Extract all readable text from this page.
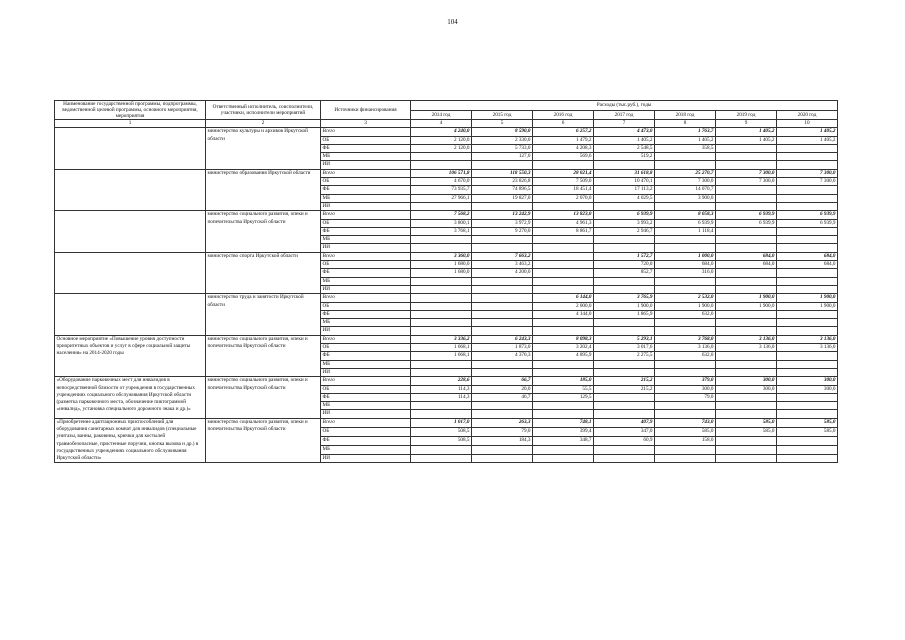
104
Наименование государственной программы, подпрограммы, ведомственной целевой программы, основного мероприятия, мероприятия	Ответственный исполнитель, соисполнители, участники, исполнители мероприятий	Источники финансирования	Расходы (тыс.руб.), годы						
			2014 год	2015 год	2016 год	2017 год	2018 год	2019 год	2020 год
1	2	3	4	5	6	7	8	9	10
	министерство культуры и архивов Иркутской области	Всего	4 240,0	8 590,0	6 257,2	4 473,0	1 763,7	1 405,2	1 405,2
		ОБ	2 120,0	2 330,0	1 479,2	1 405,2	1 405,2	1 405,2	1 405,2
		ФБ	2 120,0	5 733,0	4 208,3	2 548,5	358,5		
		МБ		127,0	569,6	519,2			
		ИИ							
	министерство образования Иркутской области	Всего	106 571,8	118 550,3	28 021,4	31 618,8	25 270,7	7 300,0	7 300,0
		ОБ	4 670,0	23 826,8	7 509,0	10 470,1	7 300,0	7 300,0	7 300,0
		ФБ	73 935,7	74 896,5	18 451,4	17 113,2	14 070,7		
		МБ	27 966,1	19 827,0	2 070,0	4 029,5	3 900,0		
		ИИ							
	министерство социального развития, опеки и попечительства Иркутской области	Всего	7 568,2	13 242,9	13 823,0	6 939,9	8 058,3	6 939,9	6 939,9
		ОБ	3 800,1	3 972,9	4 961,3	3 993,2	6 939,9	6 939,9	6 939,9
		ФБ	3 768,1	9 270,0	8 861,7	2 946,7	1 118,4		
		МБ							
		ИИ							
	министерство спорта Иркутской области	Всего	3 360,0	7 663,2		1 572,7	1 000,0	684,0	684,0
		ОБ	1 680,0	3 463,2		720,0	684,0	684,0	684,0
		ФБ	1 680,0	4 200,0		852,7	316,0		
		МБ							
		ИИ							
	министерство труда и занятости Иркутской области	Всего			6 144,0	3 765,9	2 532,0	1 900,0	1 900,0
		ОБ			2 000,0	1 900,0	1 900,0	1 900,0	1 900,0
		ФБ			4 144,0	1 865,9	632,0		
		МБ							
		ИИ							
Основное мероприятие «Повышение уровня доступности приоритетных объектов и услуг в сфере социальной защиты населения» на 2014-2020 годы	министерство социального развития, опеки и попечительства Иркутской области	Всего	3 336,2	6 243,3	8 098,3	5 293,1	3 768,0	3 136,0	3 136,0
		ОБ	1 668,1	1 873,0	3 202,4	3 017,6	3 136,0	3 136,0	3 136,0
		ФБ	1 668,1	4 370,3	4 895,9	2 275,5	632,0		
		МБ							
		ИИ							
«Оборудование парковочных мест для инвалидов в непосредственной близости от учреждения в государственных учреждениях социального обслуживания Иркутской области (разметка парковочного места, обозначение пиктограммой «инвалид», установка специального дорожного знака и др.)»	министерство социального развития, опеки и попечительства Иркутской области	Всего	228,6	66,7	185,0	215,2	379,0	300,0	300,0
		ОБ	114,3	20,0	55,5	215,2	300,0	300,0	300,0
		ФБ	114,3	46,7	129,5		79,0		
		МБ							
		ИИ							
«Приобретение адаптационных приспособлений для оборудования санитарных комнат для инвалидов (специальные унитазы, ванны, раковины, крючки для костылей травмобезопасные, пристенные поручни, кнопка вызова и др.) в государственных учреждениях социального обслуживания Иркутской области»	министерство социального развития, опеки и попечительства Иркутской области	Всего	1 017,0	263,3	748,1	407,9	743,0	585,0	585,0
		ОБ	508,5	79,0	399,4	347,0	585,0	585,0	585,0
		ФБ	508,5	184,3	348,7	60,9	158,0		
		МБ							
		ИИ							
